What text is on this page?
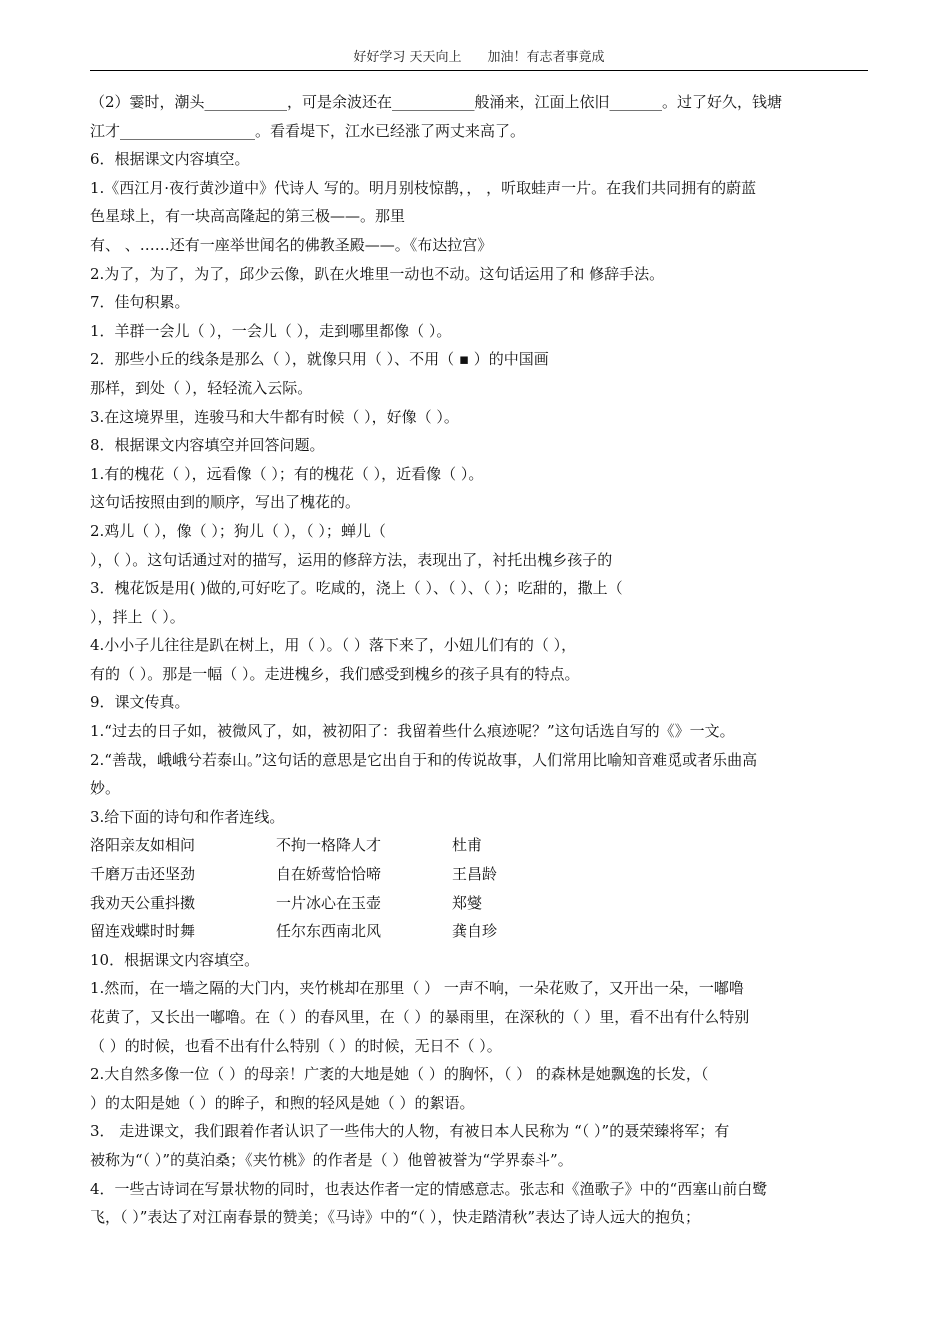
好好学习 天天向上　　加油！有志者事竟成
（2）霎时，潮头___________，可是余波还在___________般涌来，江面上依旧_______。过了好久，钱塘
江才__________________。看看堤下，江水已经涨了两丈来高了。
6．根据课文内容填空。
1.《西江月·夜行黄沙道中》代诗人 写的。明月别枝惊鹊，， ，听取蛙声一片。在我们共同拥有的蔚蓝
色星球上，有一块高高隆起的第三极——。那里
有、 、……还有一座举世闻名的佛教圣殿——。《布达拉宫》
2.为了，为了，为了，邱少云像，趴在火堆里一动也不动。这句话运用了和 修辞手法。
7．佳句积累。
1．羊群一会儿（ ），一会儿（ ），走到哪里都像（ ）。
2．那些小丘的线条是那么（ ），就像只用（ ）、不用（ ▪ ）的中国画
那样，到处（ ），轻轻流入云际。
3.在这境界里，连骏马和大牛都有时候（ ），好像（ ）。
8．根据课文内容填空并回答问题。
1.有的槐花（ ），远看像（ ）；有的槐花（ ），近看像（ ）。
这句话按照由到的顺序，写出了槐花的。
2.鸡儿（ ），像（ ）；狗儿（ ），（ ）；蝉儿（
），（ ）。这句话通过对的描写，运用的修辞方法，表现出了，衬托出槐乡孩子的
3．槐花饭是用( )做的,可好吃了。吃咸的，浇上（ ）、（ ）、（ ）；吃甜的，撒上（
），拌上（ ）。
4.小小子儿往往是趴在树上，用（ ）。（ ）落下来了，小妞儿们有的（ ），
有的（ ）。那是一幅（ ）。走进槐乡，我们感受到槐乡的孩子具有的特点。
9．课文传真。
1.“过去的日子如，被微风了，如，被初阳了：我留着些什么痕迹呢？”这句话选自写的《》一文。
2.“善哉，峨峨兮若泰山。”这句话的意思是它出自于和的传说故事，人们常用比喻知音难觅或者乐曲高
妙。
3.给下面的诗句和作者连线。
洛阳亲友如相问	不拘一格降人才	杜甫
千磨万击还坚劲	自在娇莺恰恰啼	王昌龄
我劝天公重抖擞	一片冰心在玉壶	郑燮
留连戏蝶时时舞	任尔东西南北风	龚自珍
10．根据课文内容填空。
1.然而，在一墙之隔的大门内，夹竹桃却在那里（ ） 一声不响，一朵花败了，又开出一朵，一嘟噜
花黄了，又长出一嘟噜。在（ ）的春风里，在（ ）的暴雨里，在深秋的（ ）里，看不出有什么特别
（ ）的时候，也看不出有什么特别（ ）的时候，无日不（ ）。
2.大自然多像一位（ ）的母亲！广袤的大地是她（ ）的胸怀，（ ） 的森林是她飘逸的长发，（
）的太阳是她（ ）的眸子，和煦的轻风是她（ ）的絮语。
3． 走进课文，我们跟着作者认识了一些伟大的人物，有被日本人民称为 “（ ）”的聂荣臻将军；有
被称为“（ ）”的莫泊桑；《夹竹桃》的作者是（ ）他曾被誉为“学界泰斗”。
4．一些古诗词在写景状物的同时，也表达作者一定的情感意志。张志和《渔歌子》中的“西塞山前白鹭
飞，（ ）”表达了对江南春景的赞美；《马诗》中的“（ ），快走踏清秋”表达了诗人远大的抱负；
